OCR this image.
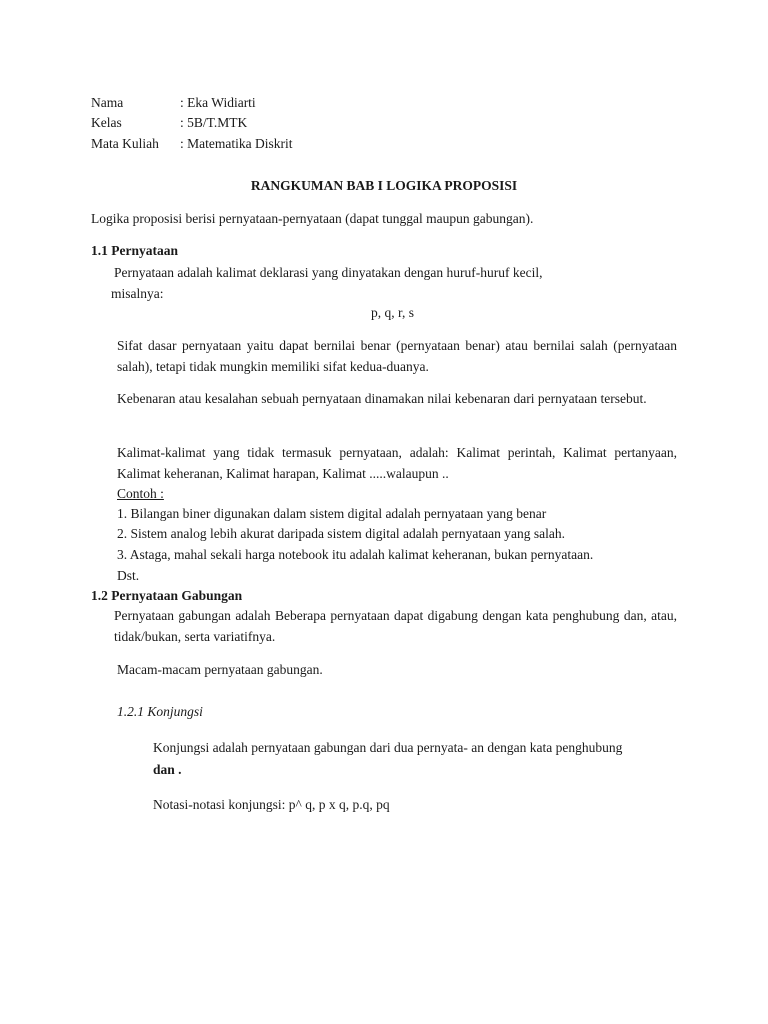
Nama	: Eka Widiarti
Kelas	: 5B/T.MTK
Mata Kuliah : Matematika Diskrit
RANGKUMAN BAB I LOGIKA PROPOSISI
Logika proposisi berisi pernyataan-pernyataan (dapat tunggal maupun gabungan).
1.1 Pernyataan
Pernyataan adalah kalimat deklarasi yang dinyatakan dengan huruf-huruf kecil,
misalnya:
p, q, r, s
Sifat dasar pernyataan yaitu dapat bernilai benar (pernyataan benar) atau bernilai salah (pernyataan salah), tetapi tidak mungkin memiliki sifat kedua-duanya.
Kebenaran atau kesalahan sebuah pernyataan dinamakan nilai kebenaran dari pernyataan tersebut.
Kalimat-kalimat yang tidak termasuk pernyataan, adalah: Kalimat perintah, Kalimat pertanyaan, Kalimat keheranan, Kalimat harapan, Kalimat .....walaupun ..
Contoh :
1. Bilangan biner digunakan dalam sistem digital adalah pernyataan yang benar
2. Sistem analog lebih akurat daripada sistem digital adalah pernyataan yang salah.
3. Astaga, mahal sekali harga notebook itu adalah kalimat keheranan, bukan pernyataan.
Dst.
1.2 Pernyataan Gabungan
Pernyataan gabungan adalah Beberapa pernyataan dapat digabung dengan kata penghubung dan, atau, tidak/bukan, serta variatifnya.
Macam-macam pernyataan gabungan.
1.2.1 Konjungsi
Konjungsi adalah pernyataan gabungan dari dua pernyata- an dengan kata penghubung
dan .
Notasi-notasi konjungsi: p^ q, p x q, p.q, pq
